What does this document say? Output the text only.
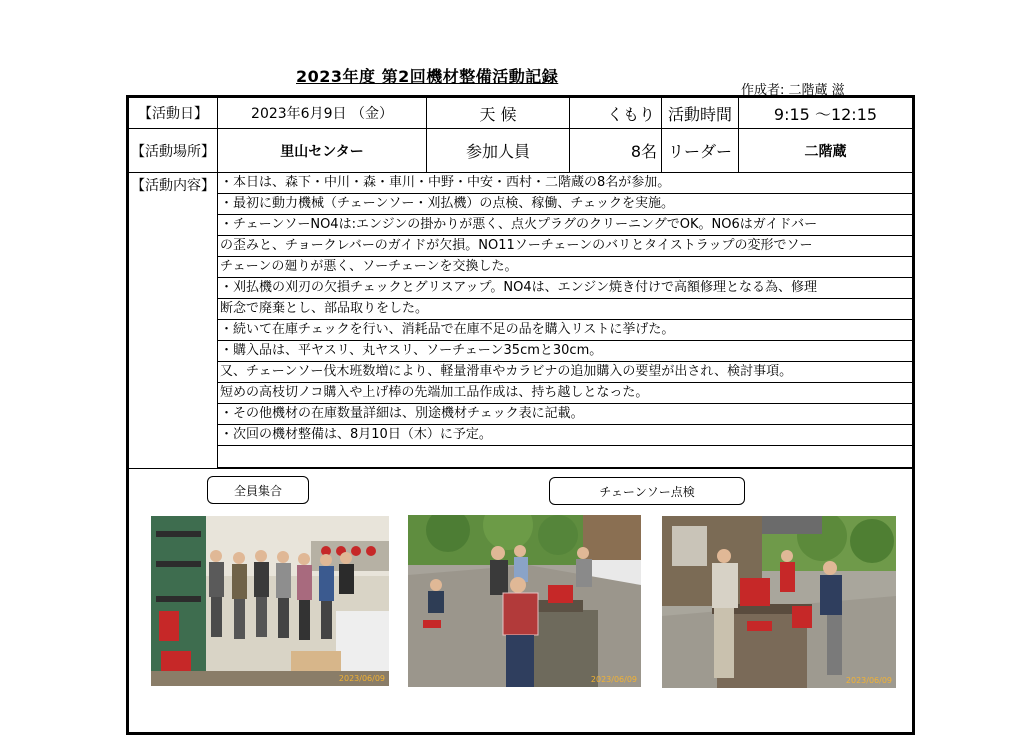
2023年度 第2回機材整備活動記録
作成者: 二階蔵 滋
【活動日】	2023年6月9日 （金）	天 候	くもり 活動時間	9:15 ～12:15
【活動場所】	里山センター	参加人員	8名 リーダー	二階蔵
【活動内容】 ・本日は、森下・中川・森・車川・中野・中安・西村・二階蔵の8名が参加。
・最初に動力機械（チェーンソー・刈払機）の点検、稼働、チェックを実施。
・チェーンソーNO4は:エンジンの掛かりが悪く、点火プラグのクリーニングでOK。NO6はガイドバー
の歪みと、チョークレバーのガイドが欠損。NO11ソーチェーンのバリとタイストラップの変形でソー
チェーンの廻りが悪く、ソーチェーンを交換した。
・刈払機の刈刃の欠損チェックとグリスアップ。NO4は、エンジン焼き付けで高額修理となる為、修理
断念で廃棄とし、部品取りをした。
・続いて在庫チェックを行い、消耗品で在庫不足の品を購入リストに挙げた。
・購入品は、平ヤスリ、丸ヤスリ、ソーチェーン35cmと30cm。
又、チェーンソー伐木班数増により、軽量滑車やカラビナの追加購入の要望が出され、検討事項。
短めの高枝切ノコ購入や上げ棒の先端加工品作成は、持ち越しとなった。
・その他機材の在庫数量詳細は、別途機材チェック表に記載。
・次回の機材整備は、8月10日（木）に予定。
全員集合	チェーンソー点検
2023/06/09	2023/06/09	2023/06/09
